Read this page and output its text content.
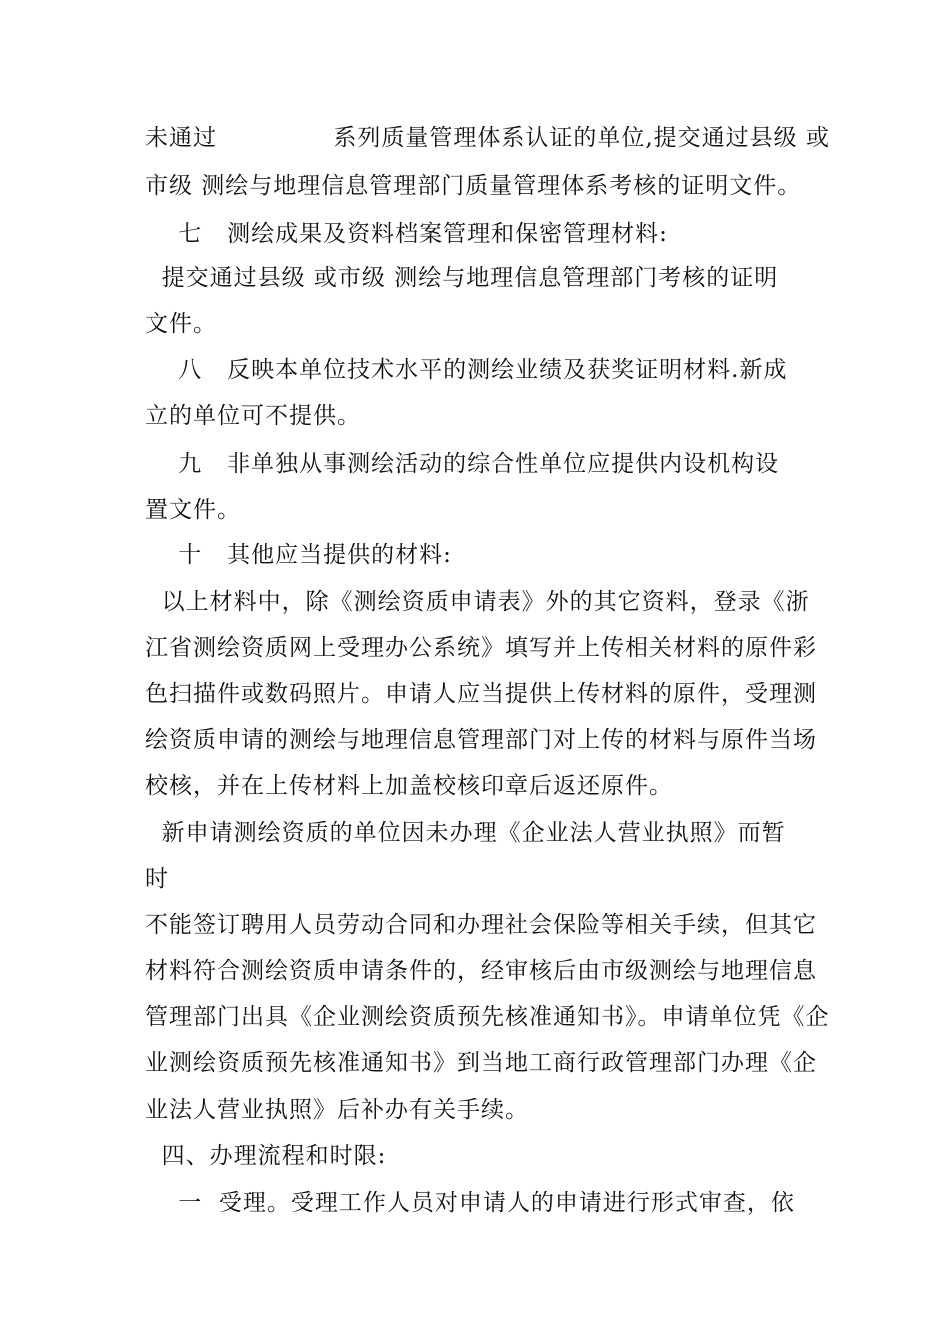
未通过              系列质量管理体系认证的单位,提交通过县级 或
市级 测绘与地理信息管理部门质量管理体系考核的证明文件。
七   测绘成果及资料档案管理和保密管理材料:
提交通过县级 或市级 测绘与地理信息管理部门考核的证明
文件。
八   反映本单位技术水平的测绘业绩及获奖证明材料.新成
立的单位可不提供。
九   非单独从事测绘活动的综合性单位应提供内设机构设
置文件。
十   其他应当提供的材料:
以上材料中，除《测绘资质申请表》外的其它资料，登录《浙
江省测绘资质网上受理办公系统》填写并上传相关材料的原件彩
色扫描件或数码照片。申请人应当提供上传材料的原件，受理测
绘资质申请的测绘与地理信息管理部门对上传的材料与原件当场
校核，并在上传材料上加盖校核印章后返还原件。
新申请测绘资质的单位因未办理《企业法人营业执照》而暂
时
不能签订聘用人员劳动合同和办理社会保险等相关手续，但其它
材料符合测绘资质申请条件的，经审核后由市级测绘与地理信息
管理部门出具《企业测绘资质预先核准通知书》。申请单位凭《企
业测绘资质预先核准通知书》到当地工商行政管理部门办理《企
业法人营业执照》后补办有关手续。
四、办理流程和时限:
一  受理。受理工作人员对申请人的申请进行形式审查，依
